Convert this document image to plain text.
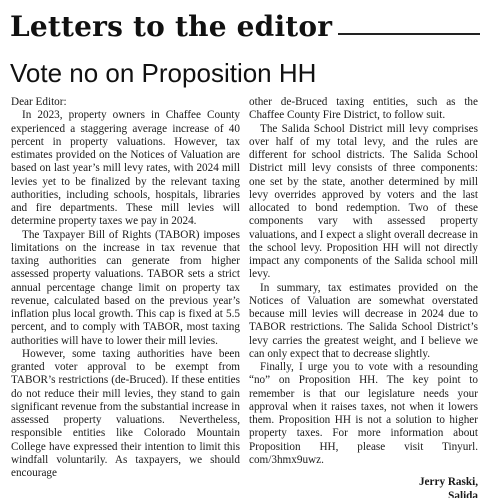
Letters to the editor
Vote no on Proposition HH

Dear Editor:

In 2023, property owners in Chaffee County experienced a staggering average increase of 40 percent in property valuations. However, tax estimates provided on the Notices of Valuation are based on last year’s mill levy rates, with 2024 mill levies yet to be finalized by the relevant taxing authorities, including schools, hospitals, libraries and fire departments. These mill levies will determine property taxes we pay in 2024.

The Taxpayer Bill of Rights (TABOR) imposes limitations on the increase in tax revenue that taxing authorities can generate from higher assessed property valuations. TABOR sets a strict annual percentage change limit on property tax revenue, calculated based on the previous year’s inflation plus local growth. This cap is fixed at 5.5 percent, and to comply with TABOR, most taxing authorities will have to lower their mill levies.

However, some taxing authorities have been granted voter approval to be exempt from TABOR’s restrictions (de-Bruced). If these entities do not reduce their mill levies, they stand to gain significant revenue from the substantial increase in assessed property valuations. Nevertheless, responsible entities like Colorado Mountain College have expressed their intention to limit this windfall voluntarily. As taxpayers, we should encourage

other de-Bruced taxing entities, such as the Chaffee County Fire District, to follow suit.

The Salida School District mill levy comprises over half of my total levy, and the rules are different for school districts. The Salida School District mill levy consists of three components: one set by the state, another determined by mill levy overrides approved by voters and the last allocated to bond redemption. Two of these components vary with assessed property valuations, and I expect a slight overall decrease in the school levy. Proposition HH will not directly impact any components of the Salida school mill levy.

In summary, tax estimates provided on the Notices of Valuation are somewhat overstated because mill levies will decrease in 2024 due to TABOR restrictions. The Salida School District’s levy carries the greatest weight, and I believe we can only expect that to decrease slightly.

Finally, I urge you to vote with a resounding “no” on Proposition HH. The key point to remember is that our legislature needs your approval when it raises taxes, not when it lowers them. Proposition HH is not a solution to higher property taxes. For more information about Proposition HH, please visit Tinyurl. com/3hmx9uwz.

Jerry Raski,
Salida
